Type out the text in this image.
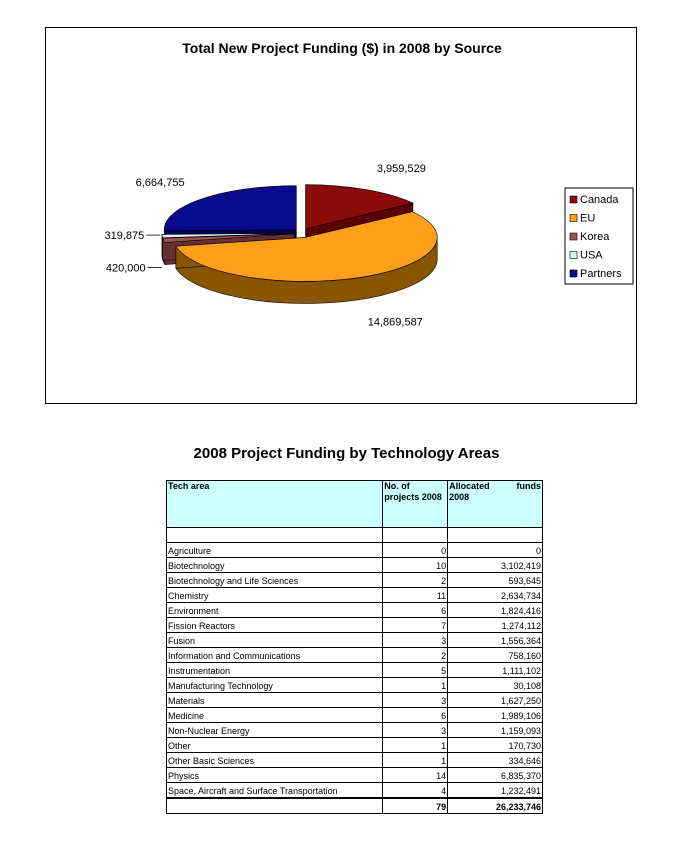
Total New Project Funding ($) in 2008 by Source
3,959,529
14,869,587
420,000
319,875
6,664,755
Canada
EU
Korea
USA
Partners
2008 Project Funding by Technology Areas
Tech area	No. of projects 2008	Allocated funds
2008

Agriculture	0	0
Biotechnology	10	3,102,419
Biotechnology and Life Sciences	2	593,645
Chemistry	11	2,634,734
Environment	6	1,824,416
Fission Reactors	7	1,274,112
Fusion	3	1,556,364
Information and Communications	2	758,160
Instrumentation	5	1,111,102
Manufacturing Technology	1	30,108
Materials	3	1,627,250
Medicine	6	1,989,106
Non-Nuclear Energy	3	1,159,093
Other	1	170,730
Other Basic Sciences	1	334,646
Physics	14	6,835,370
Space, Aircraft and Surface Transportation	4	1,232,491
	79	26,233,746
